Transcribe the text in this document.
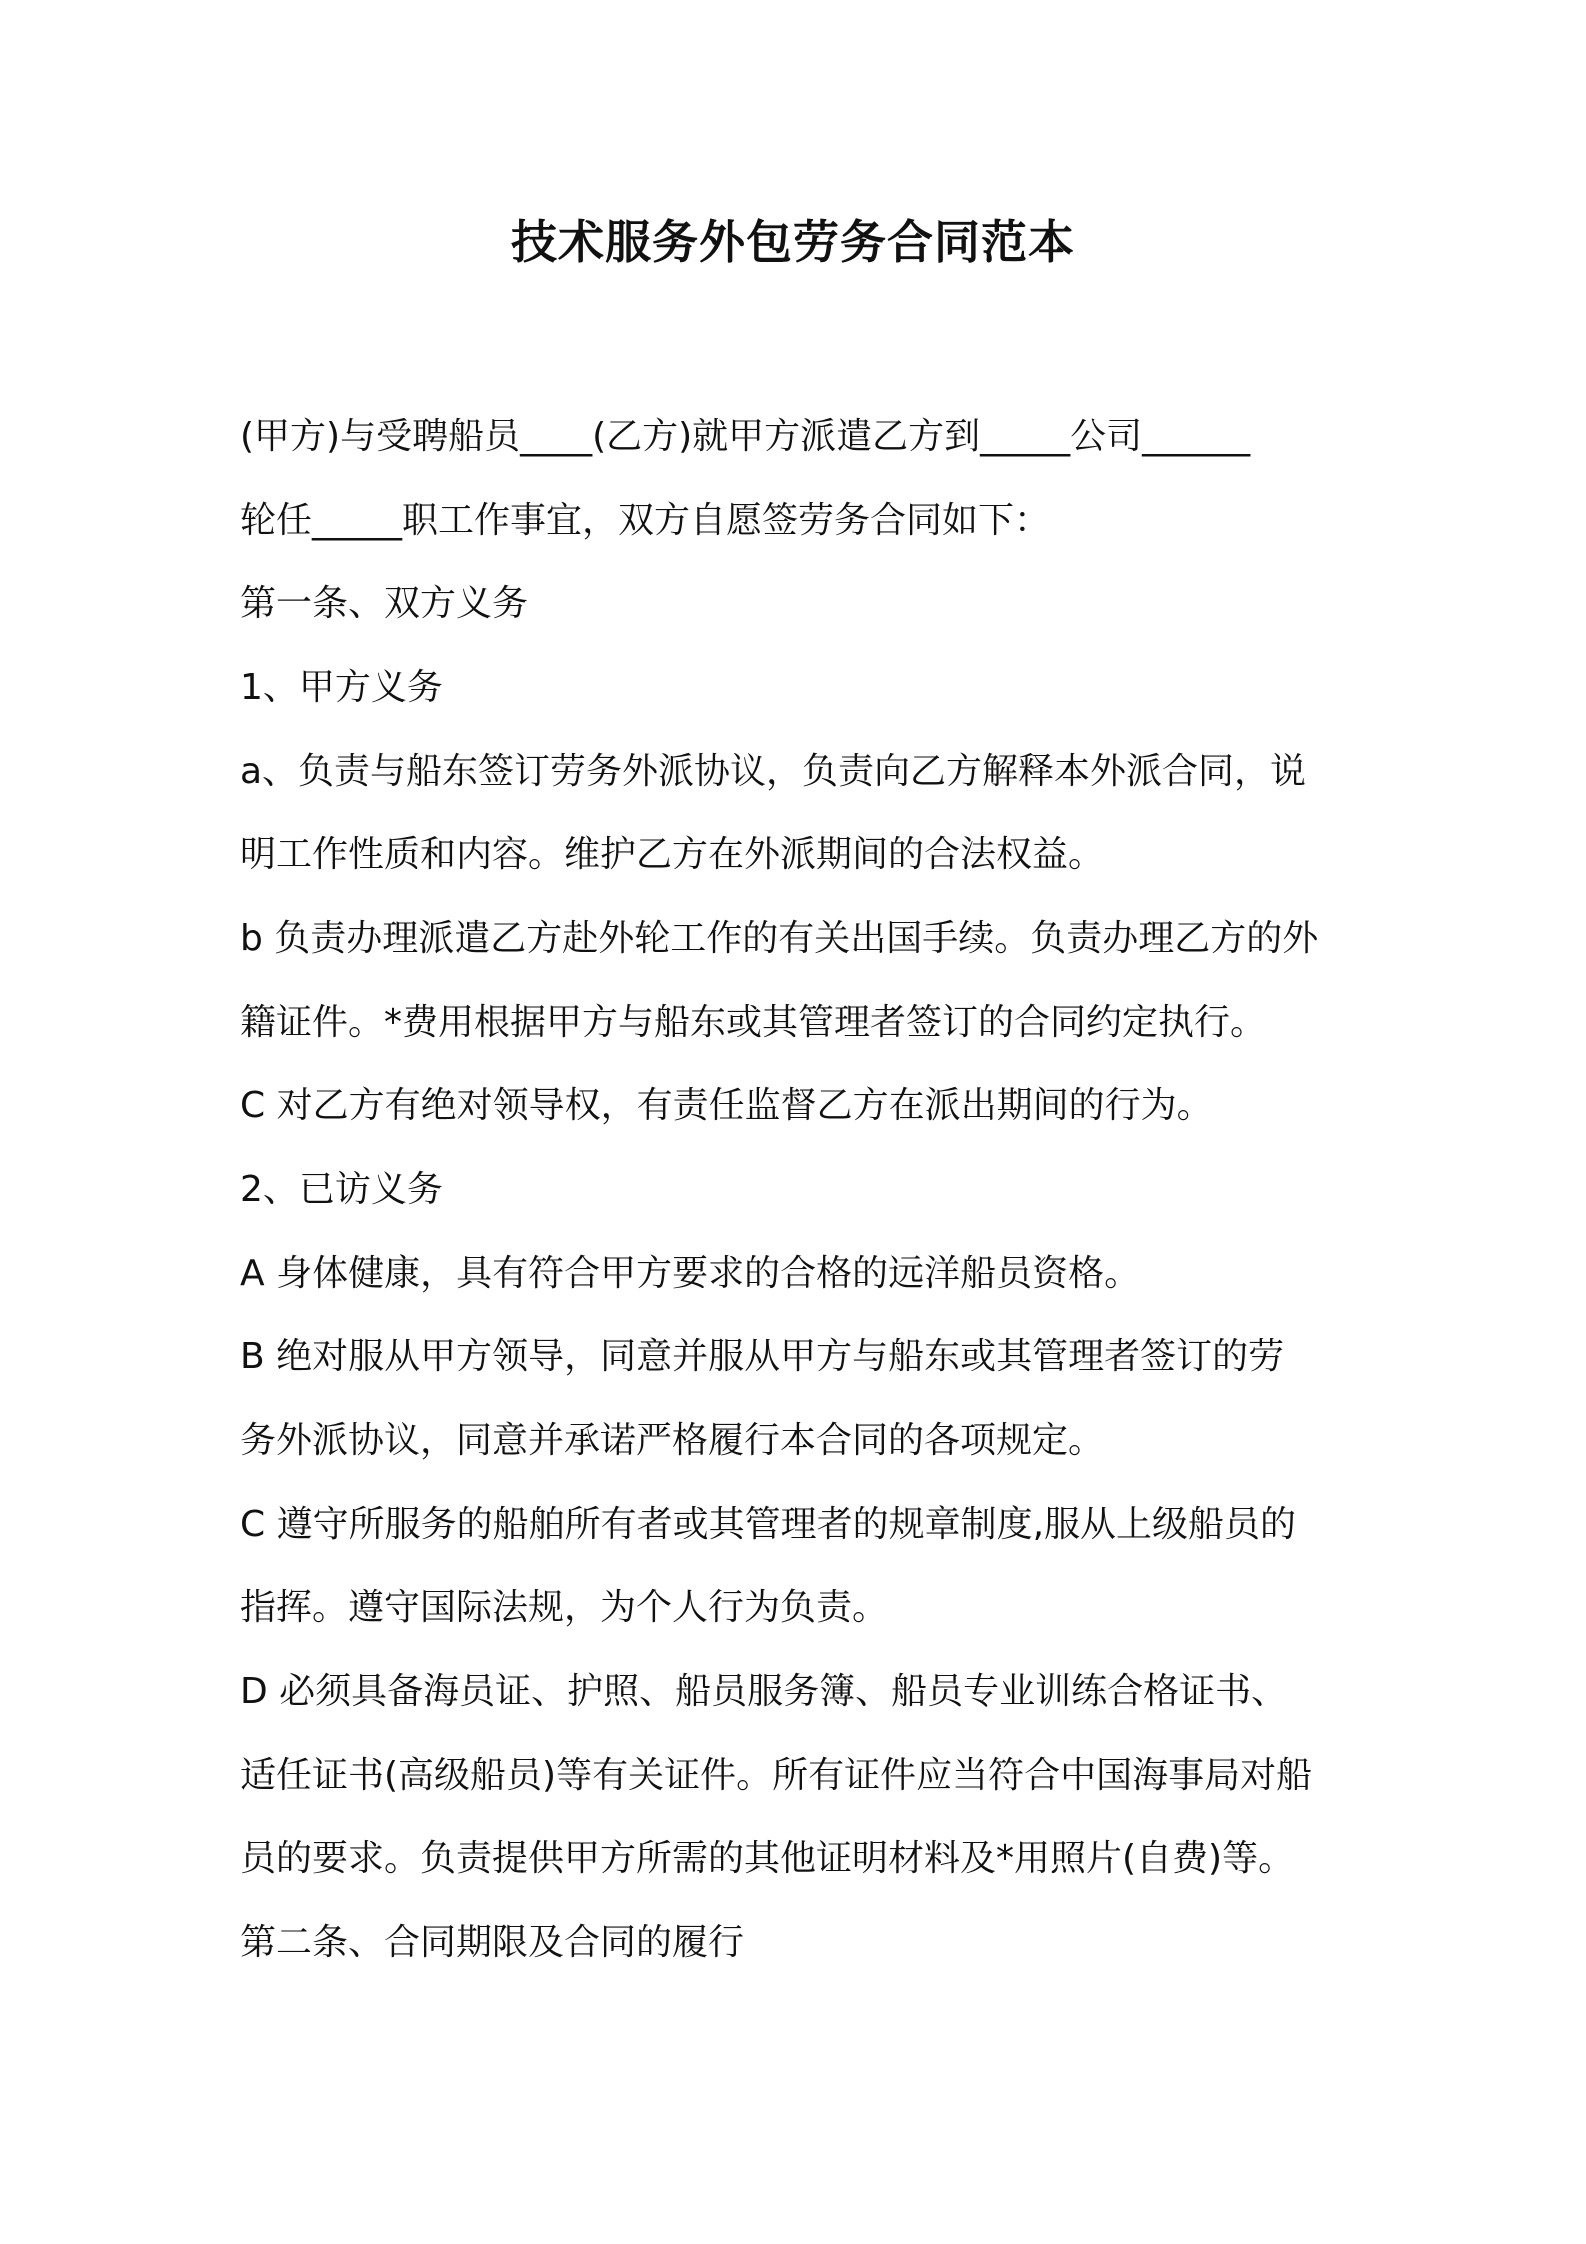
技术服务外包劳务合同范本
(甲方)与受聘船员____(乙方)就甲方派遣乙方到_____公司______
轮任_____职工作事宜，双方自愿签劳务合同如下：
第一条、双方义务
1、甲方义务
a、负责与船东签订劳务外派协议，负责向乙方解释本外派合同，说
明工作性质和内容。维护乙方在外派期间的合法权益。
b 负责办理派遣乙方赴外轮工作的有关出国手续。负责办理乙方的外
籍证件。*费用根据甲方与船东或其管理者签订的合同约定执行。
C 对乙方有绝对领导权，有责任监督乙方在派出期间的行为。
2、已访义务
A 身体健康，具有符合甲方要求的合格的远洋船员资格。
B 绝对服从甲方领导，同意并服从甲方与船东或其管理者签订的劳
务外派协议，同意并承诺严格履行本合同的各项规定。
C 遵守所服务的船舶所有者或其管理者的规章制度,服从上级船员的
指挥。遵守国际法规，为个人行为负责。
D 必须具备海员证、护照、船员服务簿、船员专业训练合格证书、
适任证书(高级船员)等有关证件。所有证件应当符合中国海事局对船
员的要求。负责提供甲方所需的其他证明材料及*用照片(自费)等。
第二条、合同期限及合同的履行
